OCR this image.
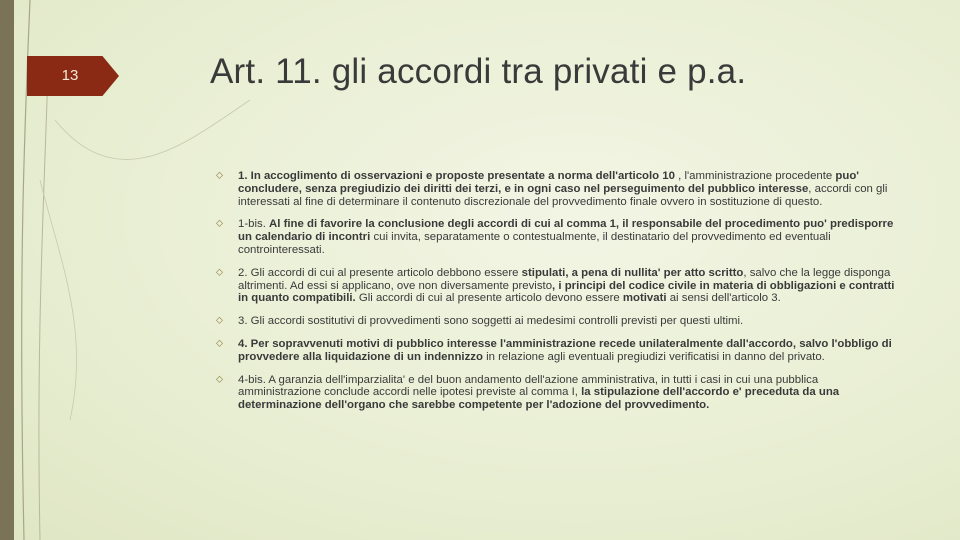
13	Art. 11. gli accordi tra privati e p.a.
⬦ 1. In accoglimento di osservazioni e proposte presentate a norma dell'articolo 10 , l'amministrazione procedente puo' concludere, senza pregiudizio dei diritti dei terzi, e in ogni caso nel perseguimento del pubblico interesse, accordi con gli interessati al fine di determinare il contenuto discrezionale del provvedimento finale ovvero in sostituzione di questo.
⬦ 1-bis. Al fine di favorire la conclusione degli accordi di cui al comma 1, il responsabile del procedimento puo' predisporre un calendario di incontri cui invita, separatamente o contestualmente, il destinatario del provvedimento ed eventuali controinteressati.
⬦ 2. Gli accordi di cui al presente articolo debbono essere stipulati, a pena di nullita' per atto scritto, salvo che la legge disponga altrimenti. Ad essi si applicano, ove non diversamente previsto, i principi del codice civile in materia di obbligazioni e contratti in quanto compatibili. Gli accordi di cui al presente articolo devono essere motivati ai sensi dell'articolo 3.
⬦ 3. Gli accordi sostitutivi di provvedimenti sono soggetti ai medesimi controlli previsti per questi ultimi.
⬦ 4. Per sopravvenuti motivi di pubblico interesse l'amministrazione recede unilateralmente dall'accordo, salvo l'obbligo di provvedere alla liquidazione di un indennizzo in relazione agli eventuali pregiudizi verificatisi in danno del privato.
⬦ 4-bis. A garanzia dell'imparzialita' e del buon andamento dell'azione amministrativa, in tutti i casi in cui una pubblica amministrazione conclude accordi nelle ipotesi previste al comma I, la stipulazione dell'accordo e' preceduta da una determinazione dell'organo che sarebbe competente per l'adozione del provvedimento.
